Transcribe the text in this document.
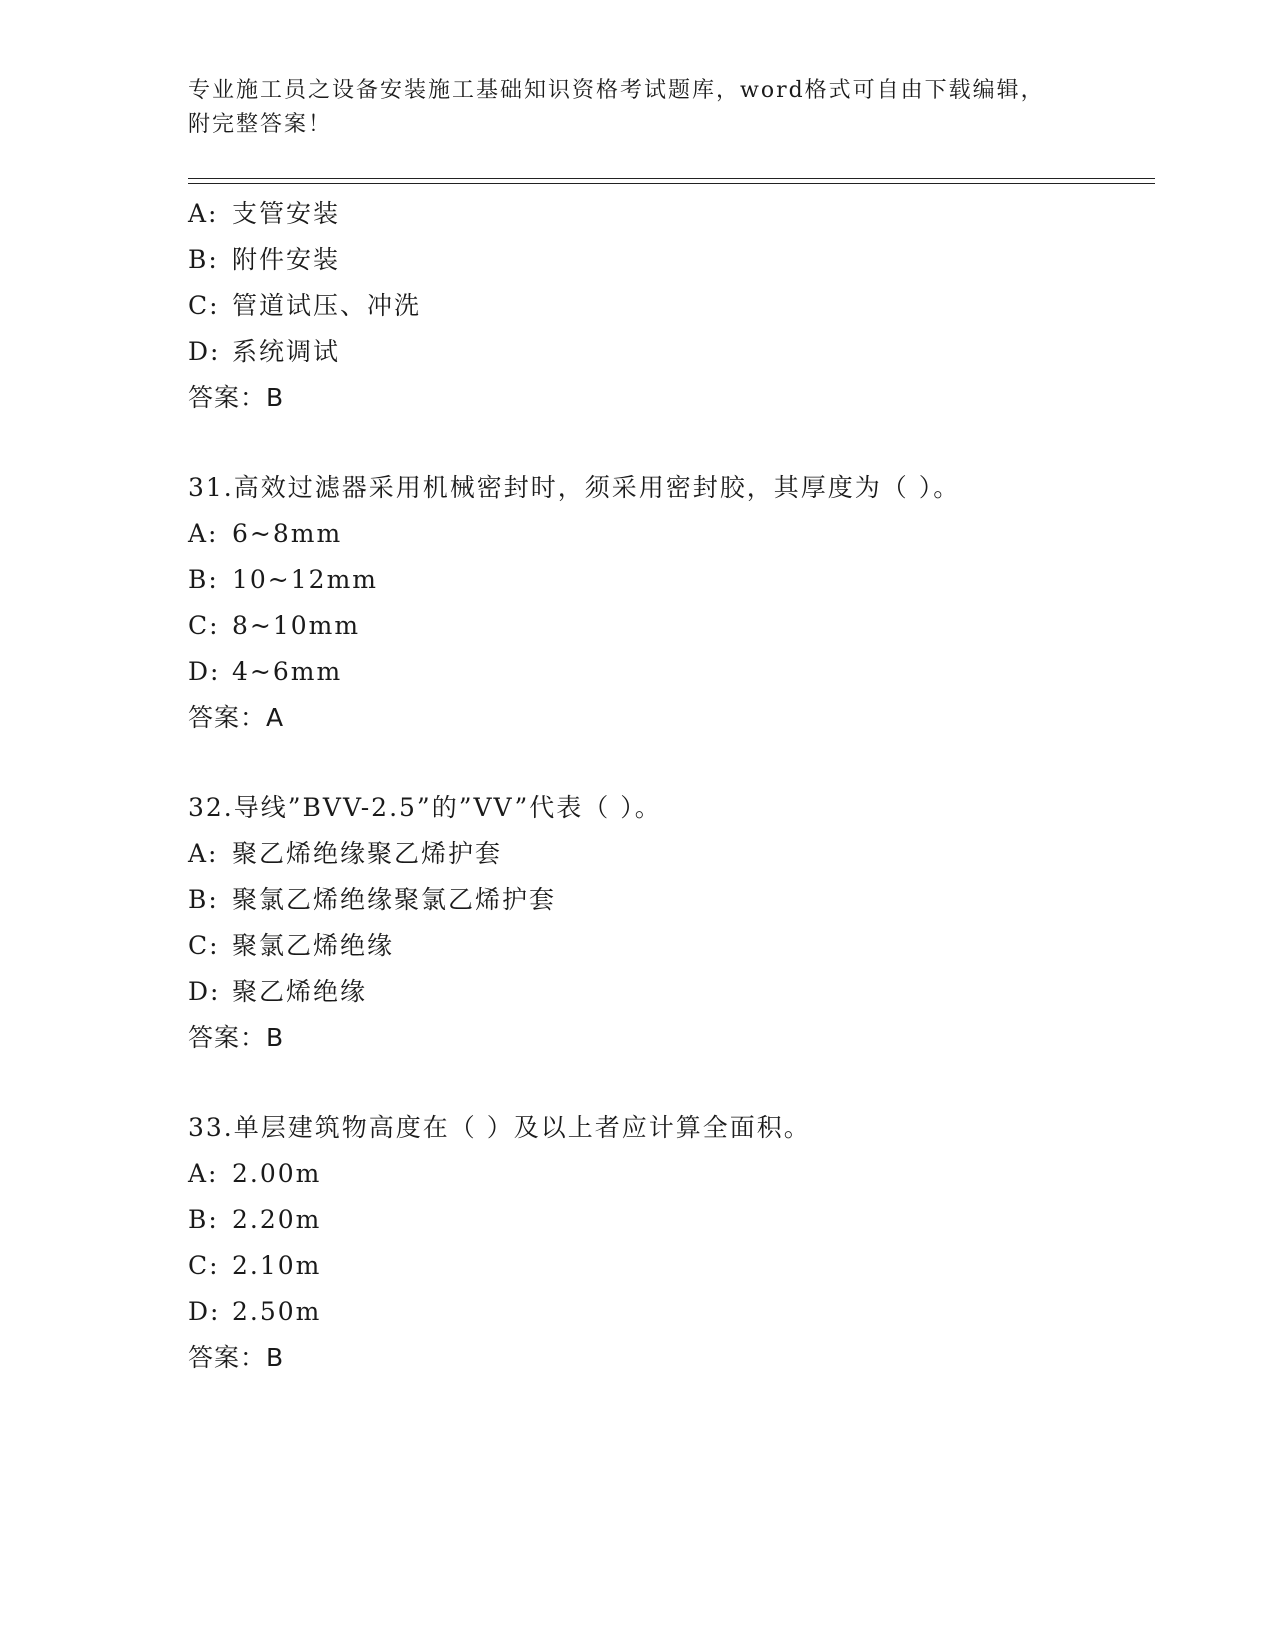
专业施工员之设备安装施工基础知识资格考试题库，word格式可自由下载编辑，
附完整答案！
A: 支管安装
B: 附件安装
C: 管道试压、冲洗
D: 系统调试
答案：B
31.高效过滤器采用机械密封时，须采用密封胶，其厚度为（ ）。
A: 6~8mm
B: 10~12mm
C: 8~10mm
D: 4~6mm
答案：A
32.导线”BVV-2.5”的”VV”代表（ ）。
A: 聚乙烯绝缘聚乙烯护套
B: 聚氯乙烯绝缘聚氯乙烯护套
C: 聚氯乙烯绝缘
D: 聚乙烯绝缘
答案：B
33.单层建筑物高度在（ ）及以上者应计算全面积。
A: 2.00m
B: 2.20m
C: 2.10m
D: 2.50m
答案：B
